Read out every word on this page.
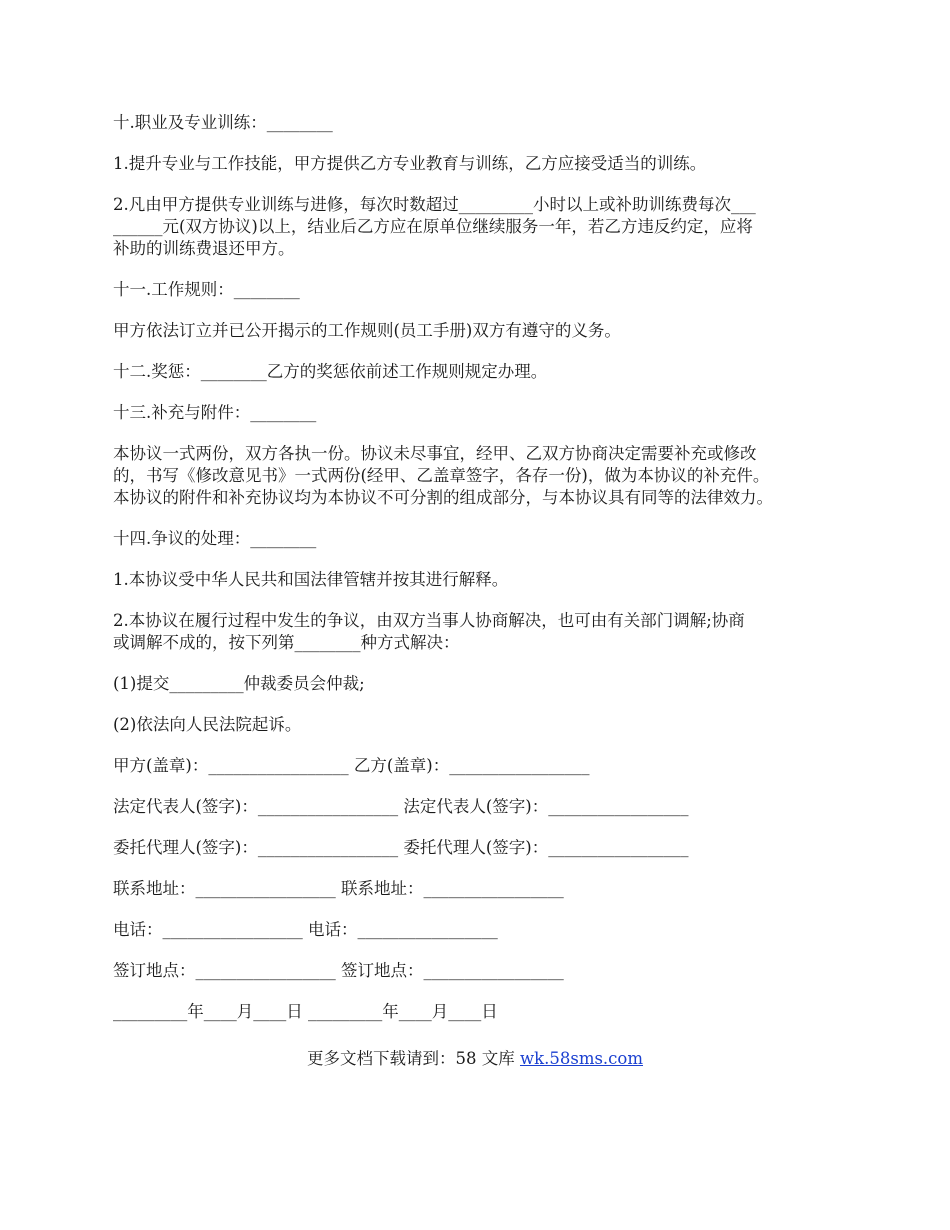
十.职业及专业训练：________

1.提升专业与工作技能，甲方提供乙方专业教育与训练，乙方应接受适当的训练。

2.凡由甲方提供专业训练与进修，每次时数超过_________小时以上或补助训练费每次___
______元(双方协议)以上，结业后乙方应在原单位继续服务一年，若乙方违反约定，应将
补助的训练费退还甲方。

十一.工作规则：________

甲方依法订立并已公开揭示的工作规则(员工手册)双方有遵守的义务。

十二.奖惩：________乙方的奖惩依前述工作规则规定办理。

十三.补充与附件：________

本协议一式两份，双方各执一份。协议未尽事宜，经甲、乙双方协商决定需要补充或修改
的，书写《修改意见书》一式两份(经甲、乙盖章签字，各存一份)，做为本协议的补充件。
本协议的附件和补充协议均为本协议不可分割的组成部分，与本协议具有同等的法律效力。

十四.争议的处理：________

1.本协议受中华人民共和国法律管辖并按其进行解释。

2.本协议在履行过程中发生的争议，由双方当事人协商解决，也可由有关部门调解;协商
或调解不成的，按下列第________种方式解决：

(1)提交_________仲裁委员会仲裁;

(2)依法向人民法院起诉。

甲方(盖章)：_________________ 乙方(盖章)：_________________

法定代表人(签字)：_________________ 法定代表人(签字)：_________________

委托代理人(签字)：_________________ 委托代理人(签字)：_________________

联系地址：_________________ 联系地址：_________________

电话：_________________ 电话：_________________

签订地点：_________________ 签订地点：_________________

_________年____月____日 _________年____月____日

更多文档下载请到：58 文库 wk.58sms.com
